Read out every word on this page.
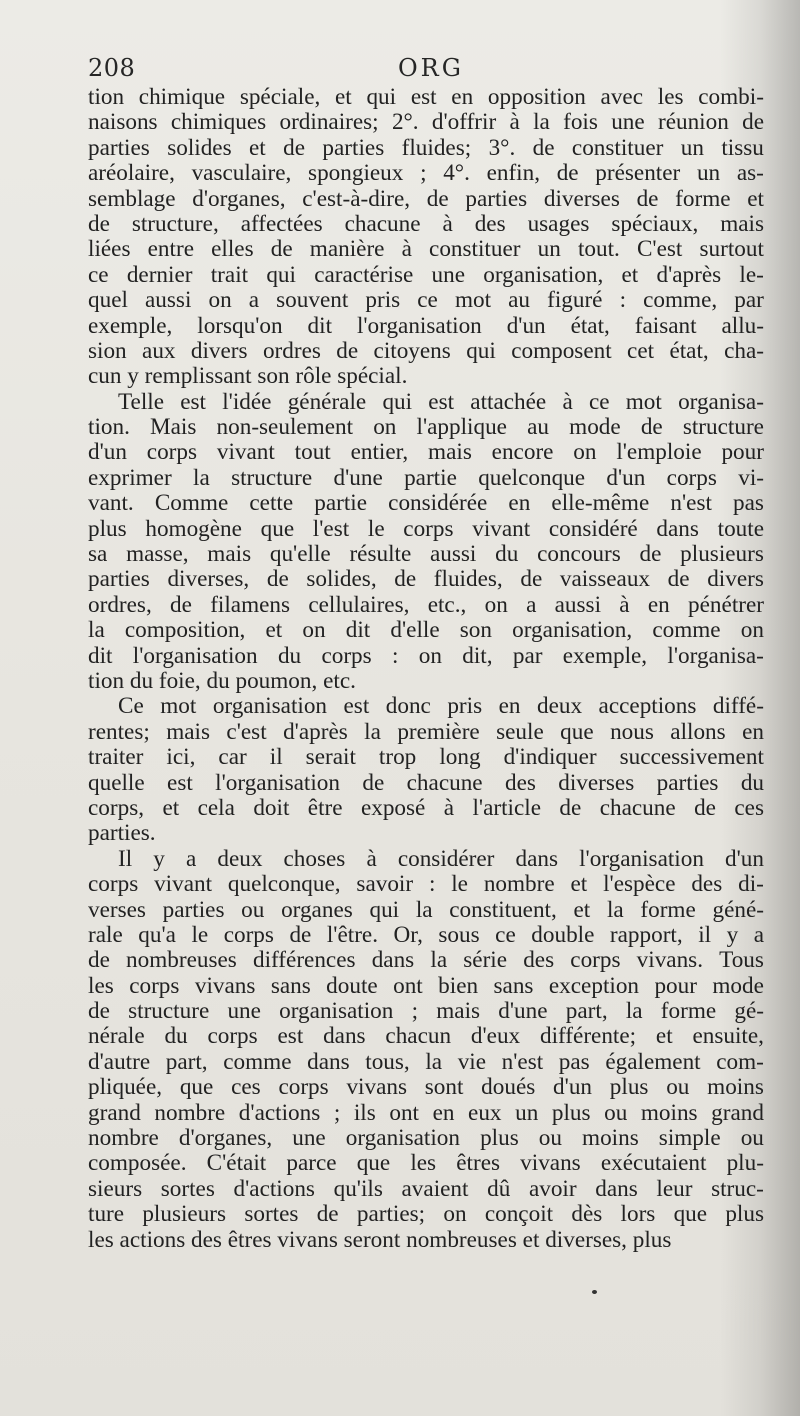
208	ORG
tion chimique spéciale, et qui est en opposition avec les combi-
naisons chimiques ordinaires; 2°. d'offrir à la fois une réunion de
parties solides et de parties fluides; 3°. de constituer un tissu
aréolaire, vasculaire, spongieux ; 4°. enfin, de présenter un as-
semblage d'organes, c'est-à-dire, de parties diverses de forme et
de structure, affectées chacune à des usages spéciaux, mais
liées entre elles de manière à constituer un tout. C'est surtout
ce dernier trait qui caractérise une organisation, et d'après le-
quel aussi on a souvent pris ce mot au figuré : comme, par
exemple, lorsqu'on dit l'organisation d'un état, faisant allu-
sion aux divers ordres de citoyens qui composent cet état, cha-
cun y remplissant son rôle spécial.
Telle est l'idée générale qui est attachée à ce mot organisa-
tion. Mais non-seulement on l'applique au mode de structure
d'un corps vivant tout entier, mais encore on l'emploie pour
exprimer la structure d'une partie quelconque d'un corps vi-
vant. Comme cette partie considérée en elle-même n'est pas
plus homogène que l'est le corps vivant considéré dans toute
sa masse, mais qu'elle résulte aussi du concours de plusieurs
parties diverses, de solides, de fluides, de vaisseaux de divers
ordres, de filamens cellulaires, etc., on a aussi à en pénétrer
la composition, et on dit d'elle son organisation, comme on
dit l'organisation du corps : on dit, par exemple, l'organisa-
tion du foie, du poumon, etc.
Ce mot organisation est donc pris en deux acceptions diffé-
rentes; mais c'est d'après la première seule que nous allons en
traiter ici, car il serait trop long d'indiquer successivement
quelle est l'organisation de chacune des diverses parties du
corps, et cela doit être exposé à l'article de chacune de ces
parties.
Il y a deux choses à considérer dans l'organisation d'un
corps vivant quelconque, savoir : le nombre et l'espèce des di-
verses parties ou organes qui la constituent, et la forme géné-
rale qu'a le corps de l'être. Or, sous ce double rapport, il y a
de nombreuses différences dans la série des corps vivans. Tous
les corps vivans sans doute ont bien sans exception pour mode
de structure une organisation ; mais d'une part, la forme gé-
nérale du corps est dans chacun d'eux différente; et ensuite,
d'autre part, comme dans tous, la vie n'est pas également com-
pliquée, que ces corps vivans sont doués d'un plus ou moins
grand nombre d'actions ; ils ont en eux un plus ou moins grand
nombre d'organes, une organisation plus ou moins simple ou
composée. C'était parce que les êtres vivans exécutaient plu-
sieurs sortes d'actions qu'ils avaient dû avoir dans leur struc-
ture plusieurs sortes de parties; on conçoit dès lors que plus
les actions des êtres vivans seront nombreuses et diverses, plus
